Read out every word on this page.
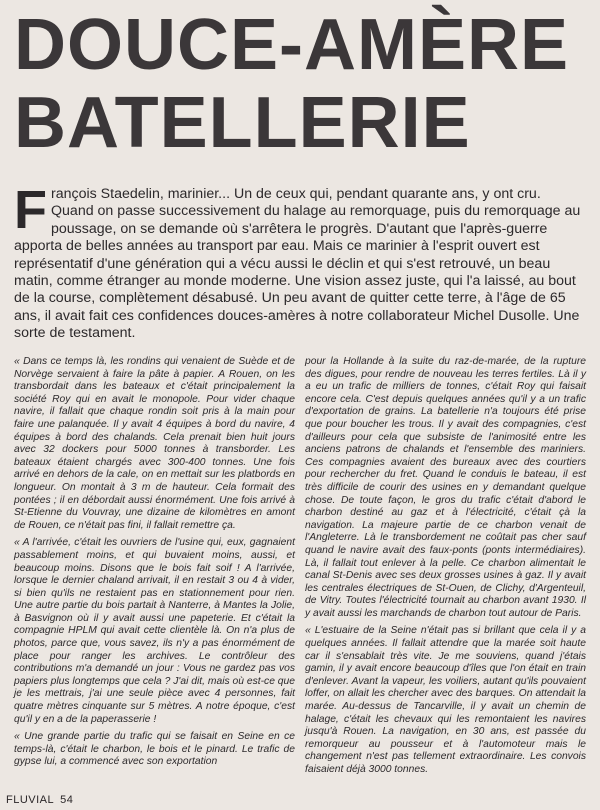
DOUCE-AMÈRE
BATELLERIE

François Staedelin, marinier... Un de ceux qui, pendant quarante ans, y ont cru. Quand on passe successivement du halage au remorquage, puis du remorquage au poussage, on se demande où s'arrêtera le progrès. D'autant que l'après-guerre apporta de belles années au transport par eau. Mais ce marinier à l'esprit ouvert est représentatif d'une génération qui a vécu aussi le déclin et qui s'est retrouvé, un beau matin, comme étranger au monde moderne. Une vision assez juste, qui l'a laissé, au bout de la course, complètement désabusé. Un peu avant de quitter cette terre, à l'âge de 65 ans, il avait fait ces confidences douces-amères à notre collaborateur Michel Dusolle. Une sorte de testament.

« Dans ce temps là, les rondins qui venaient de Suède et de Norvège servaient à faire la pâte à papier. A Rouen, on les transbordait dans les bateaux et c'était principalement la société Roy qui en avait le monopole. Pour vider chaque navire, il fallait que chaque rondin soit pris à la main pour faire une palanquée. Il y avait 4 équipes à bord du navire, 4 équipes à bord des chalands. Cela prenait bien huit jours avec 32 dockers pour 5000 tonnes à transborder. Les bateaux étaient chargés avec 300-400 tonnes. Une fois arrivé en dehors de la cale, on en mettait sur les platbords en longueur. On montait à 3 m de hauteur. Cela formait des pontées ; il en débordait aussi énormément. Une fois arrivé à St-Etienne du Vouvray, une dizaine de kilomètres en amont de Rouen, ce n'était pas fini, il fallait remettre ça.

« A l'arrivée, c'était les ouvriers de l'usine qui, eux, gagnaient passablement moins, et qui buvaient moins, aussi, et beaucoup moins. Disons que le bois fait soif ! A l'arrivée, lorsque le dernier chaland arrivait, il en restait 3 ou 4 à vider, si bien qu'ils ne restaient pas en stationnement pour rien. Une autre partie du bois partait à Nanterre, à Mantes la Jolie, à Basvignon où il y avait aussi une papeterie. Et c'était la compagnie HPLM qui avait cette clientèle là. On n'a plus de photos, parce que, vous savez, ils n'y a pas énormément de place pour ranger les archives. Le contrôleur des contributions m'a demandé un jour : Vous ne gardez pas vos papiers plus longtemps que cela ? J'ai dit, mais où est-ce que je les mettrais, j'ai une seule pièce avec 4 personnes, fait quatre mètres cinquante sur 5 mètres. A notre époque, c'est qu'il y en a de la paperasserie !

« Une grande partie du trafic qui se faisait en Seine en ce temps-là, c'était le charbon, le bois et le pinard. Le trafic de gypse lui, a commencé avec son exportation

pour la Hollande à la suite du raz-de-marée, de la rupture des digues, pour rendre de nouveau les terres fertiles. Là il y a eu un trafic de milliers de tonnes, c'était Roy qui faisait encore cela. C'est depuis quelques années qu'il y a un trafic d'exportation de grains. La batellerie n'a toujours été prise que pour boucher les trous. Il y avait des compagnies, c'est d'ailleurs pour cela que subsiste de l'animosité entre les anciens patrons de chalands et l'ensemble des mariniers. Ces compagnies avaient des bureaux avec des courtiers pour rechercher du fret. Quand le conduis le bateau, il est très difficile de courir des usines en y demandant quelque chose. De toute façon, le gros du trafic c'était d'abord le charbon destiné au gaz et à l'électricité, c'était çà la navigation. La majeure partie de ce charbon venait de l'Angleterre. Là le transbordement ne coûtait pas cher sauf quand le navire avait des faux-ponts (ponts intermédiaires). Là, il fallait tout enlever à la pelle. Ce charbon alimentait le canal St-Denis avec ses deux grosses usines à gaz. Il y avait les centrales électriques de St-Ouen, de Clichy, d'Argenteuil, de Vitry. Toutes l'électricité tournait au charbon avant 1930. Il y avait aussi les marchands de charbon tout autour de Paris.

« L'estuaire de la Seine n'était pas si brillant que cela il y a quelques années. Il fallait attendre que la marée soit haute car il s'ensablait très vite. Je me souviens, quand j'étais gamin, il y avait encore beaucoup d'îles que l'on était en train d'enlever. Avant la vapeur, les voiliers, autant qu'ils pouvaient loffer, on allait les chercher avec des barques. On attendait la marée. Au-dessus de Tancarville, il y avait un chemin de halage, c'était les chevaux qui les remontaient les navires jusqu'à Rouen. La navigation, en 30 ans, est passée du remorqueur au pousseur et à l'automoteur mais le changement n'est pas tellement extraordinaire. Les convois faisaient déjà 3000 tonnes.

FLUVIAL 54
